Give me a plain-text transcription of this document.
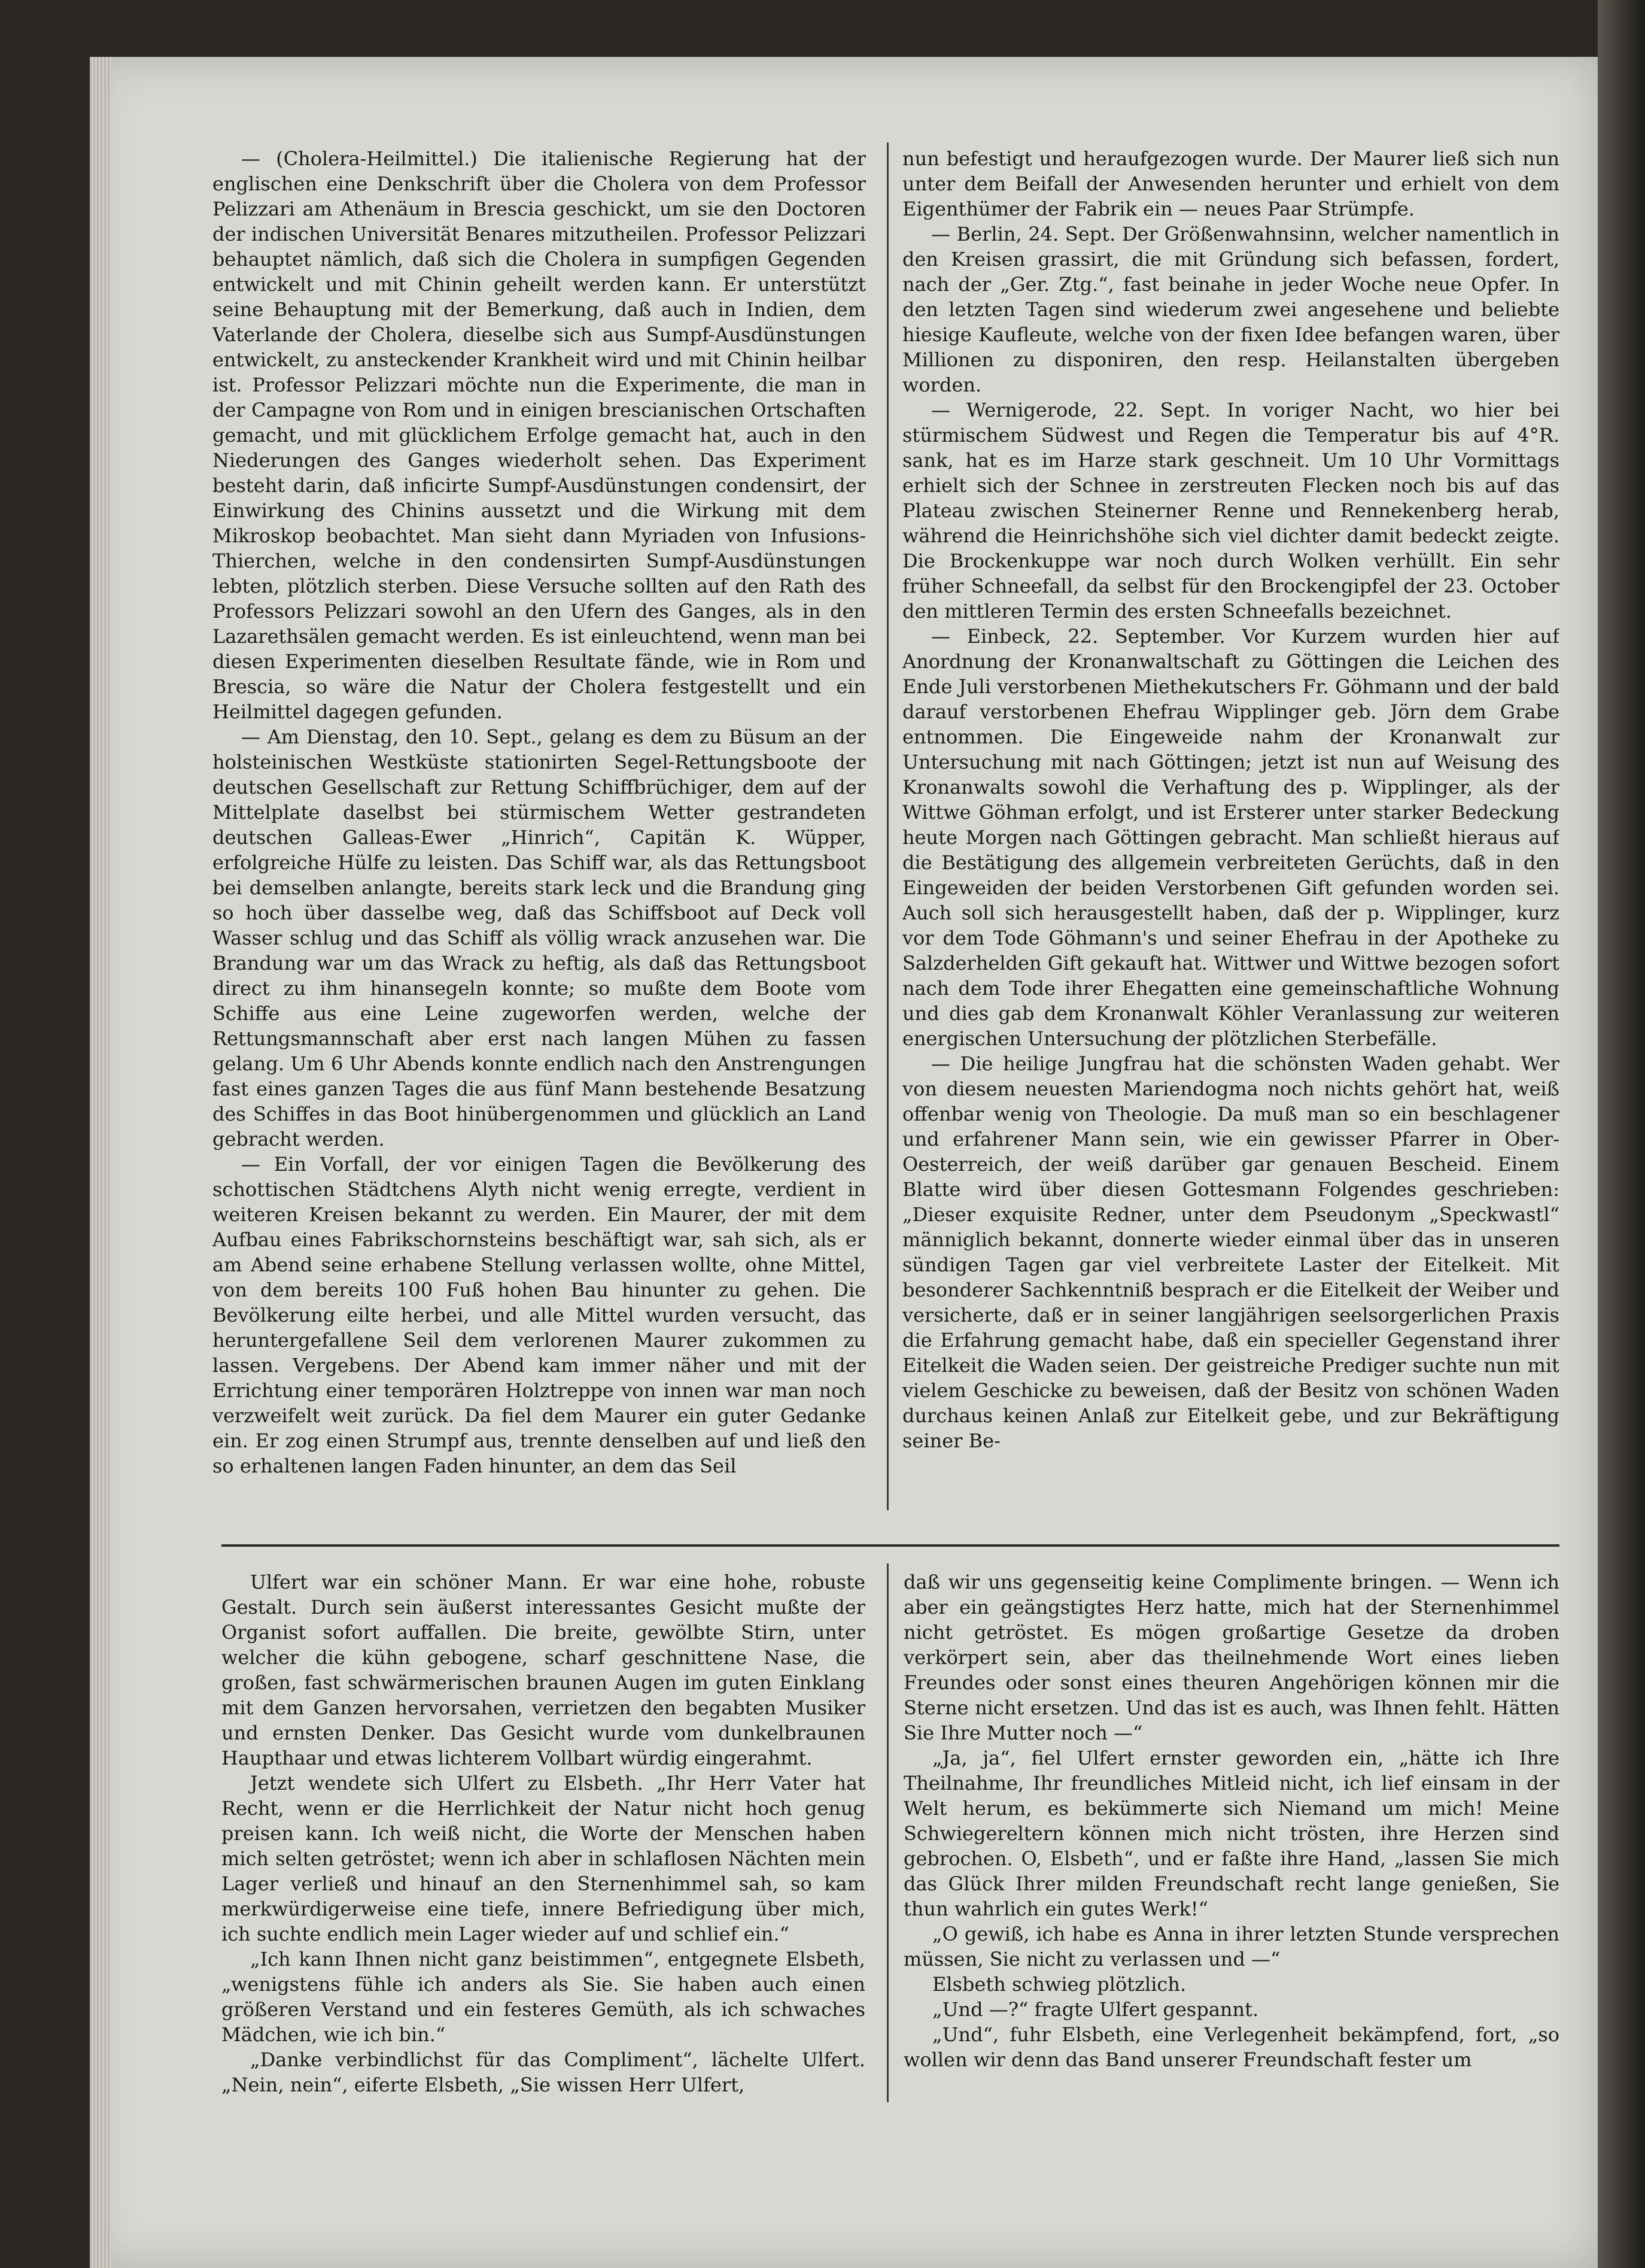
— (Cholera-Heilmittel.) Die italienische Regierung hat der englischen eine Denkschrift über die Cholera von dem Professor Pelizzari am Athenäum in Brescia geschickt, um sie den Doctoren der indischen Universität Benares mitzutheilen. Professor Pelizzari behauptet nämlich, daß sich die Cholera in sumpfigen Gegenden entwickelt und mit Chinin geheilt werden kann. Er unterstützt seine Behauptung mit der Bemerkung, daß auch in Indien, dem Vaterlande der Cholera, dieselbe sich aus Sumpf-Ausdünstungen entwickelt, zu ansteckender Krankheit wird und mit Chinin heilbar ist. Professor Pelizzari möchte nun die Experimente, die man in der Campagne von Rom und in einigen brescianischen Ortschaften gemacht, und mit glücklichem Erfolge gemacht hat, auch in den Niederungen des Ganges wiederholt sehen. Das Experiment besteht darin, daß inficirte Sumpf-Ausdünstungen condensirt, der Einwirkung des Chinins aussetzt und die Wirkung mit dem Mikroskop beobachtet. Man sieht dann Myriaden von Infusions-Thierchen, welche in den condensirten Sumpf-Ausdünstungen lebten, plötzlich sterben. Diese Versuche sollten auf den Rath des Professors Pelizzari sowohl an den Ufern des Ganges, als in den Lazarethsälen gemacht werden. Es ist einleuchtend, wenn man bei diesen Experimenten dieselben Resultate fände, wie in Rom und Brescia, so wäre die Natur der Cholera festgestellt und ein Heilmittel dagegen gefunden.

— Am Dienstag, den 10. Sept., gelang es dem zu Büsum an der holsteinischen Westküste stationirten Segel-Rettungsboote der deutschen Gesellschaft zur Rettung Schiffbrüchiger, dem auf der Mittelplate daselbst bei stürmischem Wetter gestrandeten deutschen Galleas-Ewer „Hinrich“, Capitän K. Wüpper, erfolgreiche Hülfe zu leisten. Das Schiff war, als das Rettungsboot bei demselben anlangte, bereits stark leck und die Brandung ging so hoch über dasselbe weg, daß das Schiffsboot auf Deck voll Wasser schlug und das Schiff als völlig wrack anzusehen war. Die Brandung war um das Wrack zu heftig, als daß das Rettungsboot direct zu ihm hinansegeln konnte; so mußte dem Boote vom Schiffe aus eine Leine zugeworfen werden, welche der Rettungsmannschaft aber erst nach langen Mühen zu fassen gelang. Um 6 Uhr Abends konnte endlich nach den Anstrengungen fast eines ganzen Tages die aus fünf Mann bestehende Besatzung des Schiffes in das Boot hinübergenommen und glücklich an Land gebracht werden.

— Ein Vorfall, der vor einigen Tagen die Bevölkerung des schottischen Städtchens Alyth nicht wenig erregte, verdient in weiteren Kreisen bekannt zu werden. Ein Maurer, der mit dem Aufbau eines Fabrikschornsteins beschäftigt war, sah sich, als er am Abend seine erhabene Stellung verlassen wollte, ohne Mittel, von dem bereits 100 Fuß hohen Bau hinunter zu gehen. Die Bevölkerung eilte herbei, und alle Mittel wurden versucht, das heruntergefallene Seil dem verlorenen Maurer zukommen zu lassen. Vergebens. Der Abend kam immer näher und mit der Errichtung einer temporären Holztreppe von innen war man noch verzweifelt weit zurück. Da fiel dem Maurer ein guter Gedanke ein. Er zog einen Strumpf aus, trennte denselben auf und ließ den so erhaltenen langen Faden hinunter, an dem das Seil

nun befestigt und heraufgezogen wurde. Der Maurer ließ sich nun unter dem Beifall der Anwesenden herunter und erhielt von dem Eigenthümer der Fabrik ein — neues Paar Strümpfe.

— Berlin, 24. Sept. Der Größenwahnsinn, welcher namentlich in den Kreisen grassirt, die mit Gründung sich befassen, fordert, nach der „Ger. Ztg.“, fast beinahe in jeder Woche neue Opfer. In den letzten Tagen sind wiederum zwei angesehene und beliebte hiesige Kaufleute, welche von der fixen Idee befangen waren, über Millionen zu disponiren, den resp. Heilanstalten übergeben worden.

— Wernigerode, 22. Sept. In voriger Nacht, wo hier bei stürmischem Südwest und Regen die Temperatur bis auf 4°R. sank, hat es im Harze stark geschneit. Um 10 Uhr Vormittags erhielt sich der Schnee in zerstreuten Flecken noch bis auf das Plateau zwischen Steinerner Renne und Rennekenberg herab, während die Heinrichshöhe sich viel dichter damit bedeckt zeigte. Die Brockenkuppe war noch durch Wolken verhüllt. Ein sehr früher Schneefall, da selbst für den Brockengipfel der 23. October den mittleren Termin des ersten Schneefalls bezeichnet.

— Einbeck, 22. September. Vor Kurzem wurden hier auf Anordnung der Kronanwaltschaft zu Göttingen die Leichen des Ende Juli verstorbenen Miethekutschers Fr. Göhmann und der bald darauf verstorbenen Ehefrau Wipplinger geb. Jörn dem Grabe entnommen. Die Eingeweide nahm der Kronanwalt zur Untersuchung mit nach Göttingen; jetzt ist nun auf Weisung des Kronanwalts sowohl die Verhaftung des p. Wipplinger, als der Wittwe Göhman erfolgt, und ist Ersterer unter starker Bedeckung heute Morgen nach Göttingen gebracht. Man schließt hieraus auf die Bestätigung des allgemein verbreiteten Gerüchts, daß in den Eingeweiden der beiden Verstorbenen Gift gefunden worden sei. Auch soll sich herausgestellt haben, daß der p. Wipplinger, kurz vor dem Tode Göhmann's und seiner Ehefrau in der Apotheke zu Salzderhelden Gift gekauft hat. Wittwer und Wittwe bezogen sofort nach dem Tode ihrer Ehegatten eine gemeinschaftliche Wohnung und dies gab dem Kronanwalt Köhler Veranlassung zur weiteren energischen Untersuchung der plötzlichen Sterbefälle.

— Die heilige Jungfrau hat die schönsten Waden gehabt. Wer von diesem neuesten Mariendogma noch nichts gehört hat, weiß offenbar wenig von Theologie. Da muß man so ein beschlagener und erfahrener Mann sein, wie ein gewisser Pfarrer in Ober-Oesterreich, der weiß darüber gar genauen Bescheid. Einem Blatte wird über diesen Gottesmann Folgendes geschrieben: „Dieser exquisite Redner, unter dem Pseudonym „Speckwastl“ männiglich bekannt, donnerte wieder einmal über das in unseren sündigen Tagen gar viel verbreitete Laster der Eitelkeit. Mit besonderer Sachkenntniß besprach er die Eitelkeit der Weiber und versicherte, daß er in seiner langjährigen seelsorgerlichen Praxis die Erfahrung gemacht habe, daß ein specieller Gegenstand ihrer Eitelkeit die Waden seien. Der geistreiche Prediger suchte nun mit vielem Geschicke zu beweisen, daß der Besitz von schönen Waden durchaus keinen Anlaß zur Eitelkeit gebe, und zur Bekräftigung seiner Be-

Ulfert war ein schöner Mann. Er war eine hohe, robuste Gestalt. Durch sein äußerst interessantes Gesicht mußte der Organist sofort auffallen. Die breite, gewölbte Stirn, unter welcher die kühn gebogene, scharf geschnittene Nase, die großen, fast schwärmerischen braunen Augen im guten Einklang mit dem Ganzen hervorsahen, verrietzen den begabten Musiker und ernsten Denker. Das Gesicht wurde vom dunkelbraunen Haupthaar und etwas lichterem Vollbart würdig eingerahmt.

Jetzt wendete sich Ulfert zu Elsbeth. „Ihr Herr Vater hat Recht, wenn er die Herrlichkeit der Natur nicht hoch genug preisen kann. Ich weiß nicht, die Worte der Menschen haben mich selten getröstet; wenn ich aber in schlaflosen Nächten mein Lager verließ und hinauf an den Sternenhimmel sah, so kam merkwürdigerweise eine tiefe, innere Befriedigung über mich, ich suchte endlich mein Lager wieder auf und schlief ein.“

„Ich kann Ihnen nicht ganz beistimmen“, entgegnete Elsbeth, „wenigstens fühle ich anders als Sie. Sie haben auch einen größeren Verstand und ein festeres Gemüth, als ich schwaches Mädchen, wie ich bin.“

„Danke verbindlichst für das Compliment“, lächelte Ulfert. „Nein, nein“, eiferte Elsbeth, „Sie wissen Herr Ulfert,

daß wir uns gegenseitig keine Complimente bringen. — Wenn ich aber ein geängstigtes Herz hatte, mich hat der Sternenhimmel nicht getröstet. Es mögen großartige Gesetze da droben verkörpert sein, aber das theilnehmende Wort eines lieben Freundes oder sonst eines theuren Angehörigen können mir die Sterne nicht ersetzen. Und das ist es auch, was Ihnen fehlt. Hätten Sie Ihre Mutter noch —“

„Ja, ja“, fiel Ulfert ernster geworden ein, „hätte ich Ihre Theilnahme, Ihr freundliches Mitleid nicht, ich lief einsam in der Welt herum, es bekümmerte sich Niemand um mich! Meine Schwiegereltern können mich nicht trösten, ihre Herzen sind gebrochen. O, Elsbeth“, und er faßte ihre Hand, „lassen Sie mich das Glück Ihrer milden Freundschaft recht lange genießen, Sie thun wahrlich ein gutes Werk!“

„O gewiß, ich habe es Anna in ihrer letzten Stunde versprechen müssen, Sie nicht zu verlassen und —“

Elsbeth schwieg plötzlich.

„Und —?“ fragte Ulfert gespannt.

„Und“, fuhr Elsbeth, eine Verlegenheit bekämpfend, fort, „so wollen wir denn das Band unserer Freundschaft fester um
